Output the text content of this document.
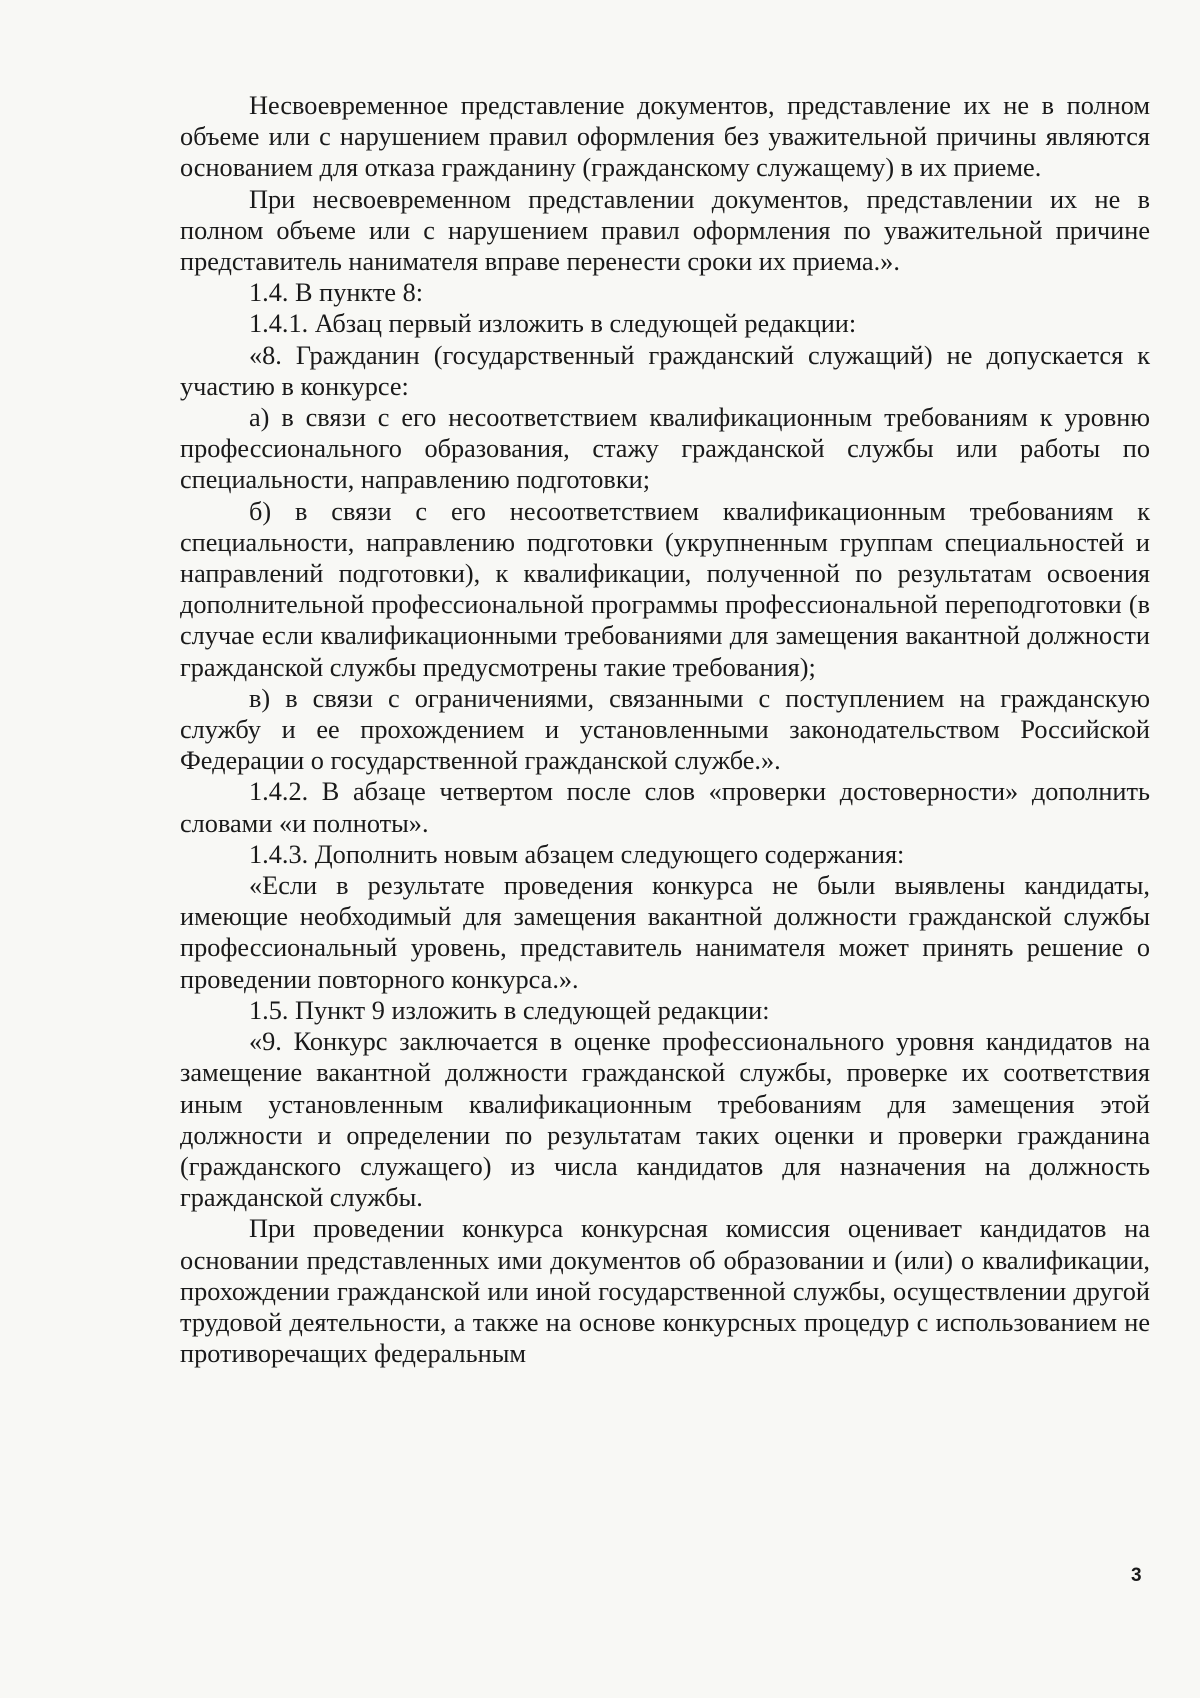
Несвоевременное представление документов, представление их не в полном объеме или с нарушением правил оформления без уважительной причины являются основанием для отказа гражданину (гражданскому служащему) в их приеме.

При несвоевременном представлении документов, представлении их не в полном объеме или с нарушением правил оформления по уважительной причине представитель нанимателя вправе перенести сроки их приема.».

1.4. В пункте 8:

1.4.1. Абзац первый изложить в следующей редакции:

«8. Гражданин (государственный гражданский служащий) не допускается к участию в конкурсе:

а) в связи с его несоответствием квалификационным требованиям к уровню профессионального образования, стажу гражданской службы или работы по специальности, направлению подготовки;

б) в связи с его несоответствием квалификационным требованиям к специальности, направлению подготовки (укрупненным группам специальностей и направлений подготовки), к квалификации, полученной по результатам освоения дополнительной профессиональной программы профессиональной переподготовки (в случае если квалификационными требованиями для замещения вакантной должности гражданской службы предусмотрены такие требования);

в) в связи с ограничениями, связанными с поступлением на гражданскую службу и ее прохождением и установленными законодательством Российской Федерации о государственной гражданской службе.».

1.4.2. В абзаце четвертом после слов «проверки достоверности» дополнить словами «и полноты».

1.4.3. Дополнить новым абзацем следующего содержания:

«Если в результате проведения конкурса не были выявлены кандидаты, имеющие необходимый для замещения вакантной должности гражданской службы профессиональный уровень, представитель нанимателя может принять решение о проведении повторного конкурса.».

1.5. Пункт 9 изложить в следующей редакции:

«9. Конкурс заключается в оценке профессионального уровня кандидатов на замещение вакантной должности гражданской службы, проверке их соответствия иным установленным квалификационным требованиям для замещения этой должности и определении по результатам таких оценки и проверки гражданина (гражданского служащего) из числа кандидатов для назначения на должность гражданской службы.

При проведении конкурса конкурсная комиссия оценивает кандидатов на основании представленных ими документов об образовании и (или) о квалификации, прохождении гражданской или иной государственной службы, осуществлении другой трудовой деятельности, а также на основе конкурсных процедур с использованием не противоречащих федеральным

3
